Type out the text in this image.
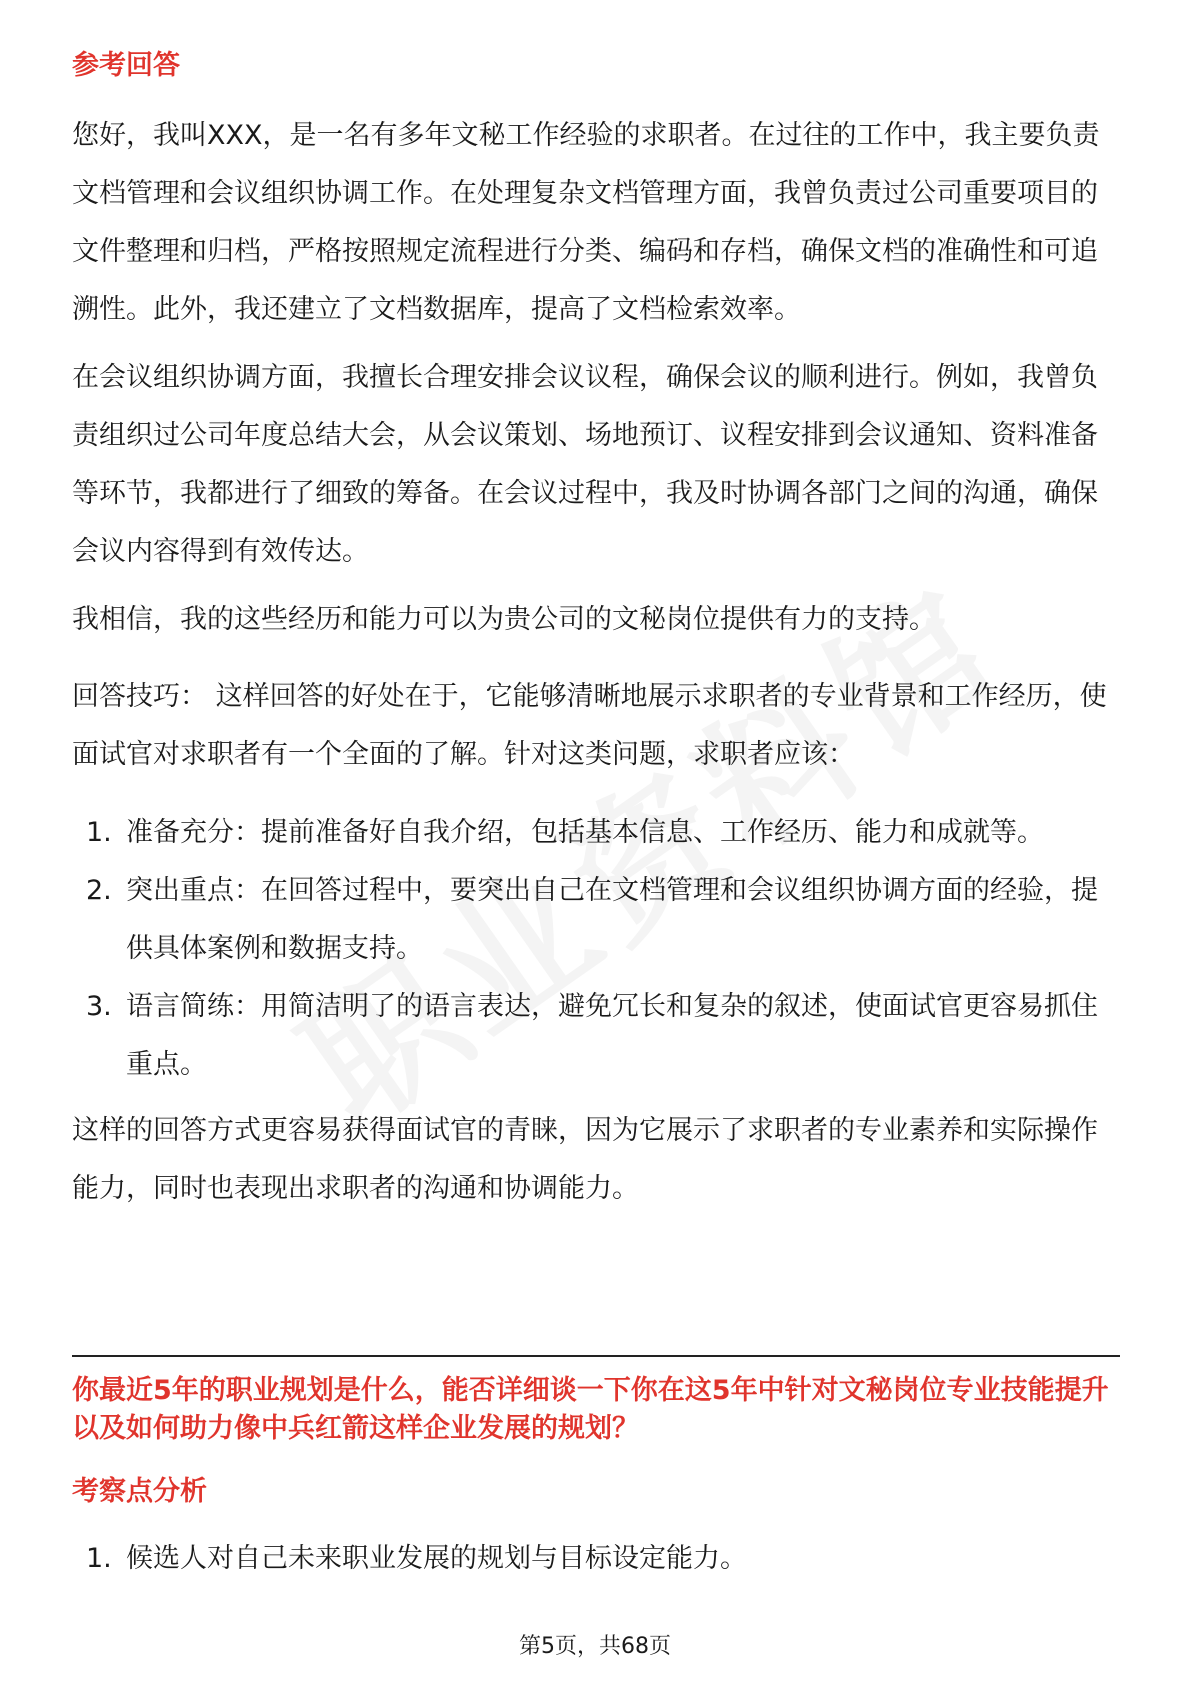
参考回答

您好，我叫XXX，是一名有多年文秘工作经验的求职者。在过往的工作中，我主要负责文档管理和会议组织协调工作。在处理复杂文档管理方面，我曾负责过公司重要项目的文件整理和归档，严格按照规定流程进行分类、编码和存档，确保文档的准确性和可追溯性。此外，我还建立了文档数据库，提高了文档检索效率。

在会议组织协调方面，我擅长合理安排会议议程，确保会议的顺利进行。例如，我曾负责组织过公司年度总结大会，从会议策划、场地预订、议程安排到会议通知、资料准备等环节，我都进行了细致的筹备。在会议过程中，我及时协调各部门之间的沟通，确保会议内容得到有效传达。

我相信，我的这些经历和能力可以为贵公司的文秘岗位提供有力的支持。

回答技巧： 这样回答的好处在于，它能够清晰地展示求职者的专业背景和工作经历，使面试官对求职者有一个全面的了解。针对这类问题，求职者应该：

1. 准备充分：提前准备好自我介绍，包括基本信息、工作经历、能力和成就等。
2. 突出重点：在回答过程中，要突出自己在文档管理和会议组织协调方面的经验，提供具体案例和数据支持。
3. 语言简练：用简洁明了的语言表达，避免冗长和复杂的叙述，使面试官更容易抓住重点。

这样的回答方式更容易获得面试官的青睐，因为它展示了求职者的专业素养和实际操作能力，同时也表现出求职者的沟通和协调能力。

你最近5年的职业规划是什么，能否详细谈一下你在这5年中针对文秘岗位专业技能提升以及如何助力像中兵红箭这样企业发展的规划？
考察点分析
1. 候选人对自己未来职业发展的规划与目标设定能力。
第5页，共68页
